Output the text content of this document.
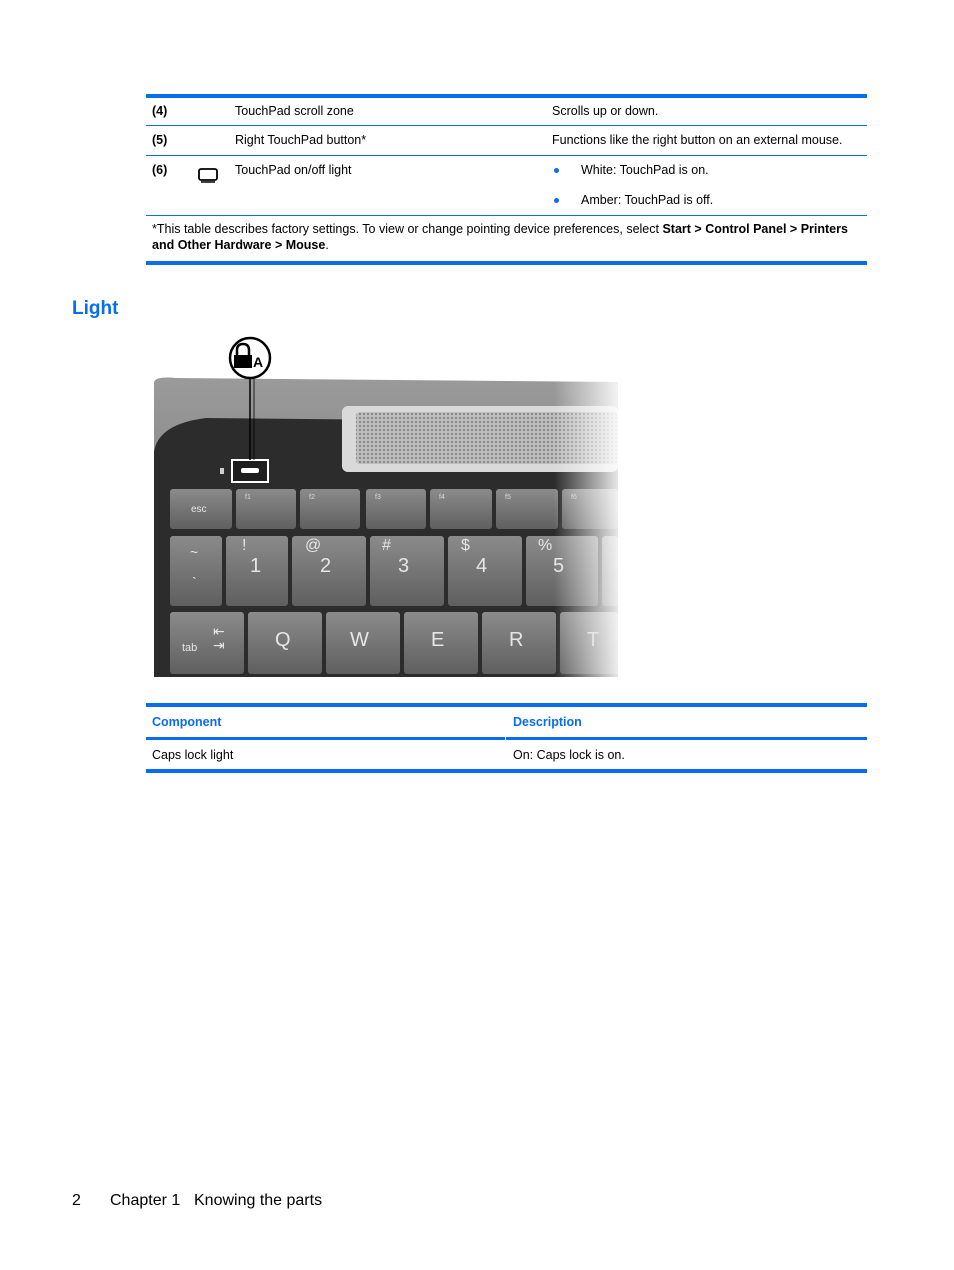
(4)	TouchPad scroll zone	Scrolls up or down.
(5)	Right TouchPad button*	Functions like the right button on an external mouse.
(6)	TouchPad on/off light	White: TouchPad is on.
Amber: TouchPad is off.
*This table describes factory settings. To view or change pointing device preferences, select Start > Control Panel > Printers and Other Hardware > Mouse.
Light
esc
f1	f2	f3	f4	f5	f6
~
`
!
1
@
2
#
3
$
4
%
5
tab
⇤
⇥	Q	W	E	R	T
A
Component	Description
Caps lock light	On: Caps lock is on.
2 Chapter 1 Knowing the parts
